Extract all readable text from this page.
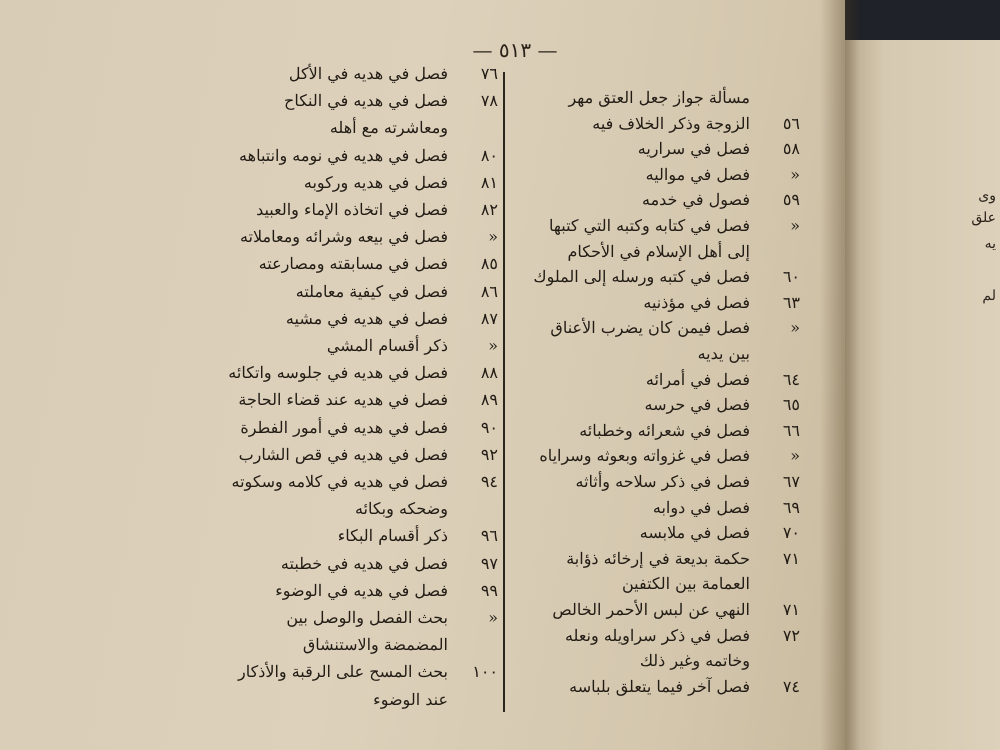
— ٥١٣ —
٧٦فصل في هديه في الأكل
٧٨فصل في هديه في النكاح
ومعاشرته مع أهله
٨٠فصل في هديه في نومه وانتباهه
٨١فصل في هديه وركوبه
٨٢فصل في اتخاذه الإماء والعبيد
«فصل في بيعه وشرائه ومعاملاته
٨٥فصل في مسابقته ومصارعته
٨٦فصل في كيفية معاملته
٨٧فصل في هديه في مشيه
«ذكر أقسام المشي
٨٨فصل في هديه في جلوسه واتكائه
٨٩فصل في هديه عند قضاء الحاجة
٩٠فصل في هديه في أمور الفطرة
٩٢فصل في هديه في قص الشارب
٩٤فصل في هديه في كلامه وسكوته
وضحكه وبكائه
٩٦ذكر أقسام البكاء
٩٧فصل في هديه في خطبته
٩٩فصل في هديه في الوضوء
«بحث الفصل والوصل بين
المضمضة والاستنشاق
١٠٠بحث المسح على الرقبة والأذكار
عند الوضوء
مسألة جواز جعل العتق مهر
٥٦الزوجة وذكر الخلاف فيه
٥٨فصل في سراريه
«فصل في مواليه
٥٩فصول في خدمه
«فصل في كتابه وكتبه التي كتبها
إلى أهل الإسلام في الأحكام
٦٠فصل في كتبه ورسله إلى الملوك
٦٣فصل في مؤذنيه
«فصل فيمن كان يضرب الأعناق
بين يديه
٦٤فصل في أمرائه
٦٥فصل في حرسه
٦٦فصل في شعرائه وخطبائه
«فصل في غزواته وبعوثه وسراياه
٦٧فصل في ذكر سلاحه وأثاثه
٦٩فصل في دوابه
٧٠فصل في ملابسه
٧١حكمة بديعة في إرخائه ذؤابة
العمامة بين الكتفين
٧١النهي عن لبس الأحمر الخالص
٧٢فصل في ذكر سراويله ونعله
وخاتمه وغير ذلك
٧٤فصل آخر فيما يتعلق بلباسه
وى
علق
يه
لم
